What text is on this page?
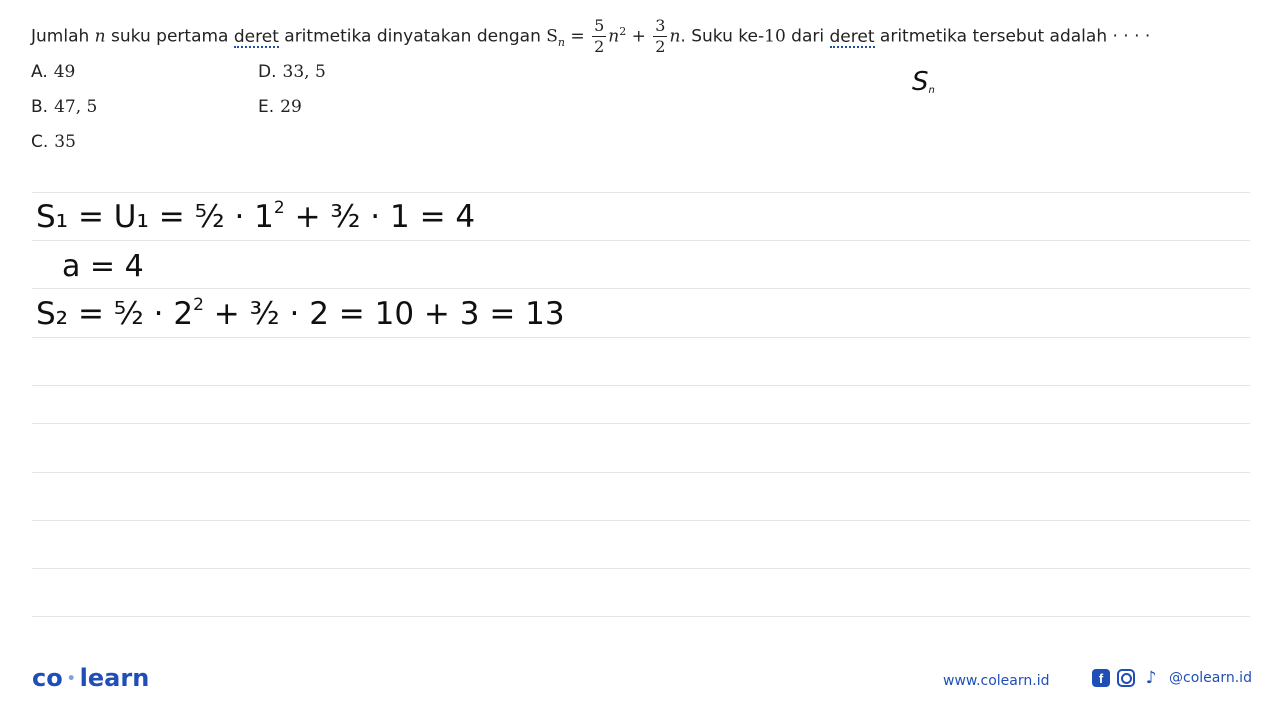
Jumlah n suku pertama deret aritmetika dinyatakan dengan $S_n = \frac{5}{2} n^2 + \frac{3}{2} n$. Suku ke-10 dari deret aritmetika tersebut adalah · · · ·
A. 49
B. 47, 5
C. 35
D. 33, 5
E. 29
Sn
S₁ = U₁ = ⁵⁄₂ · $1^2$ + ³⁄₂ · 1 = 4
a = 4
S₂ = ⁵⁄₂ · $2^2$ + ³⁄₂ · 2 = 10 + 3 = 13
co • learn	www.colearn.id	f	♪ @colearn.id
